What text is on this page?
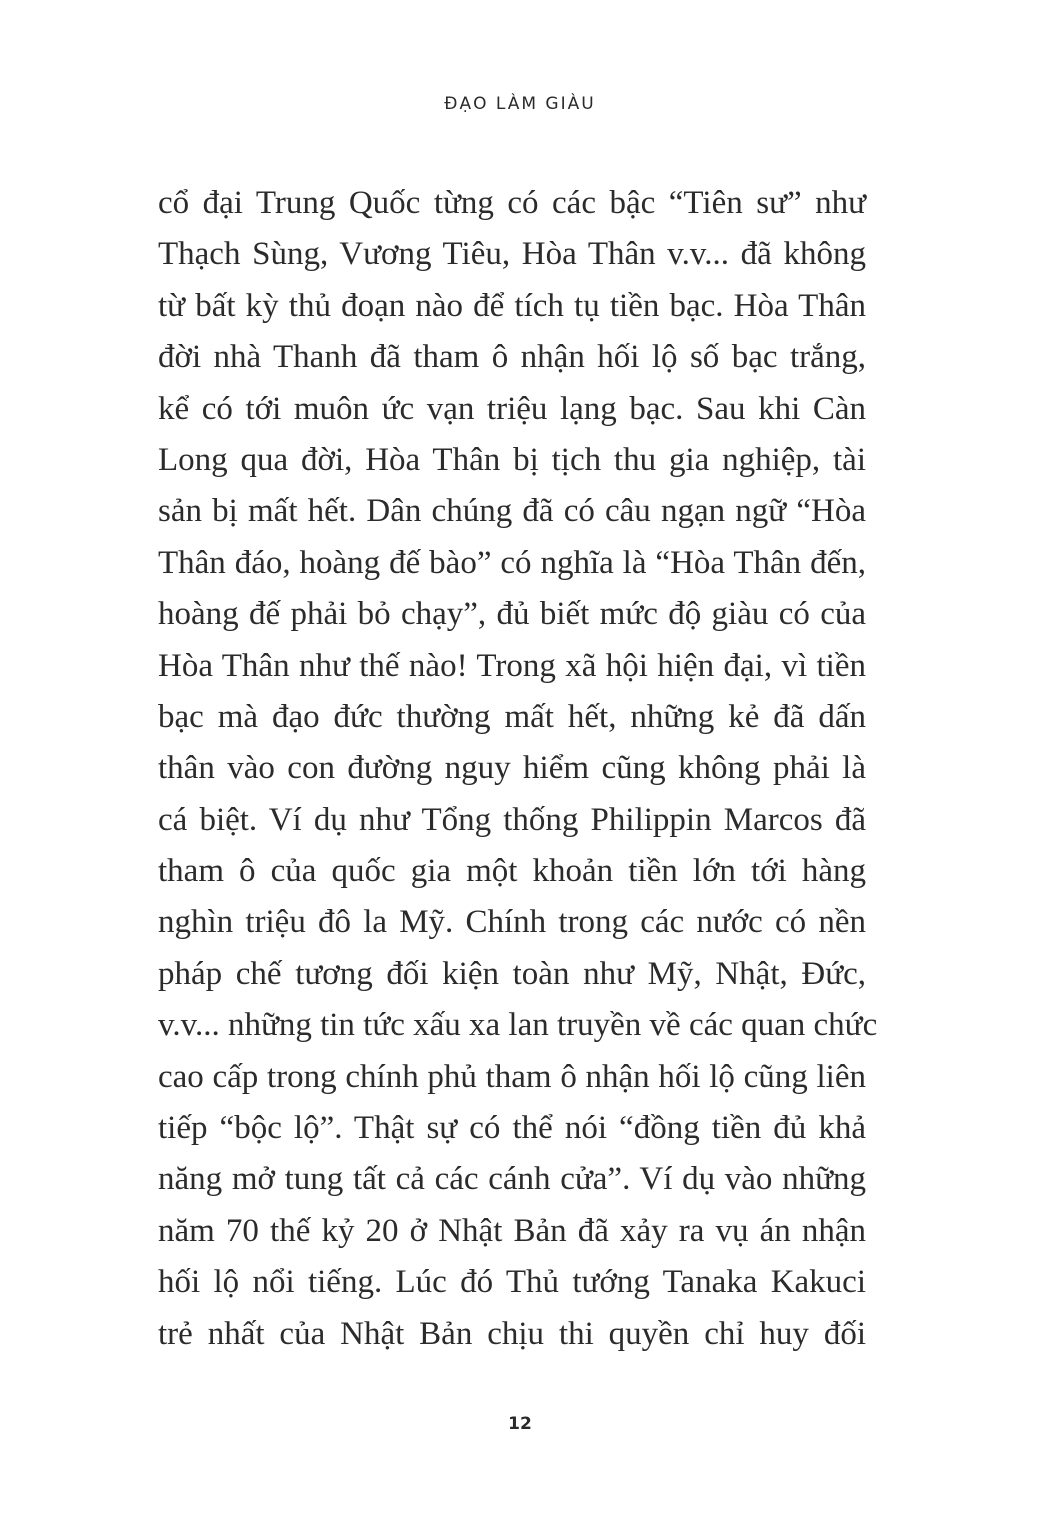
ĐẠO LÀM GIÀU
cổ đại Trung Quốc từng có các bậc “Tiên sư” như
Thạch Sùng, Vương Tiêu, Hòa Thân v.v... đã không
từ bất kỳ thủ đoạn nào để tích tụ tiền bạc. Hòa Thân
đời nhà Thanh đã tham ô nhận hối lộ số bạc trắng,
kể có tới muôn ức vạn triệu lạng bạc. Sau khi Càn
Long qua đời, Hòa Thân bị tịch thu gia nghiệp, tài
sản bị mất hết. Dân chúng đã có câu ngạn ngữ “Hòa
Thân đáo, hoàng đế bào” có nghĩa là “Hòa Thân đến,
hoàng đế phải bỏ chạy”, đủ biết mức độ giàu có của
Hòa Thân như thế nào! Trong xã hội hiện đại, vì tiền
bạc mà đạo đức thường mất hết, những kẻ đã dấn
thân vào con đường nguy hiểm cũng không phải là
cá biệt. Ví dụ như Tổng thống Philippin Marcos đã
tham ô của quốc gia một khoản tiền lớn tới hàng
nghìn triệu đô la Mỹ. Chính trong các nước có nền
pháp chế tương đối kiện toàn như Mỹ, Nhật, Đức,
v.v... những tin tức xấu xa lan truyền về các quan chức
cao cấp trong chính phủ tham ô nhận hối lộ cũng liên
tiếp “bộc lộ”. Thật sự có thể nói “đồng tiền đủ khả
năng mở tung tất cả các cánh cửa”. Ví dụ vào những
năm 70 thế kỷ 20 ở Nhật Bản đã xảy ra vụ án nhận
hối lộ nổi tiếng. Lúc đó Thủ tướng Tanaka Kakuci
trẻ nhất của Nhật Bản chịu thi quyền chỉ huy đối
12
